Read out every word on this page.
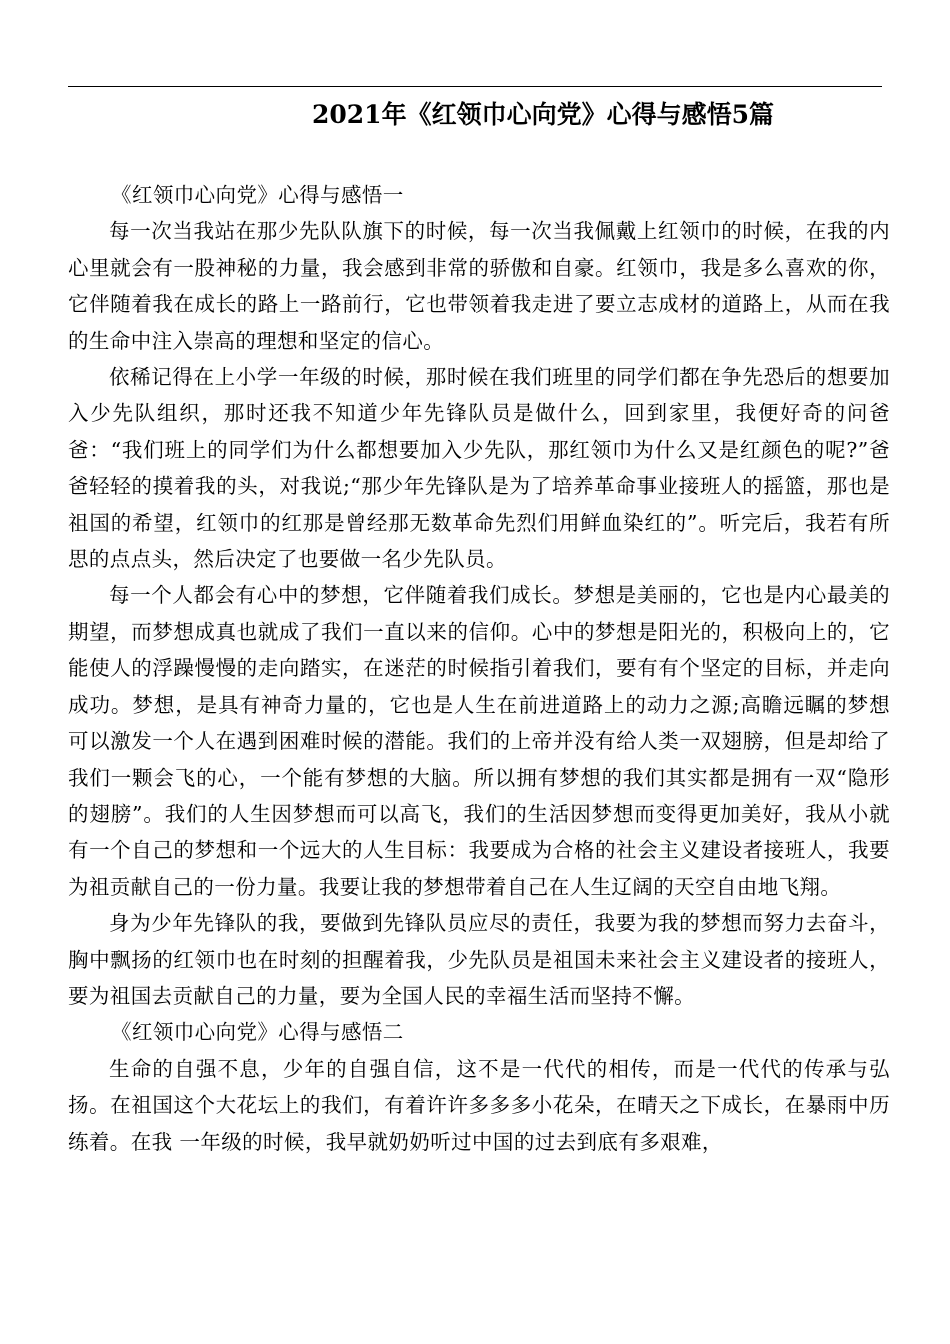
2021年《红领巾心向党》心得与感悟5篇

《红领巾心向党》心得与感悟一

每一次当我站在那少先队队旗下的时候，每一次当我佩戴上红领巾的时候，在我的内心里就会有一股神秘的力量，我会感到非常的骄傲和自豪。红领巾，我是多么喜欢的你，它伴随着我在成长的路上一路前行，它也带领着我走进了要立志成材的道路上，从而在我的生命中注入崇高的理想和坚定的信心。

依稀记得在上小学一年级的时候，那时候在我们班里的同学们都在争先恐后的想要加入少先队组织，那时还我不知道少年先锋队员是做什么，回到家里，我便好奇的问爸爸：“我们班上的同学们为什么都想要加入少先队，那红领巾为什么又是红颜色的呢?”爸爸轻轻的摸着我的头，对我说;“那少年先锋队是为了培养革命事业接班人的摇篮，那也是祖国的希望，红领巾的红那是曾经那无数革命先烈们用鲜血染红的”。听完后，我若有所思的点点头，然后决定了也要做一名少先队员。

每一个人都会有心中的梦想，它伴随着我们成长。梦想是美丽的，它也是内心最美的期望，而梦想成真也就成了我们一直以来的信仰。心中的梦想是阳光的，积极向上的，它能使人的浮躁慢慢的走向踏实，在迷茫的时候指引着我们，要有有个坚定的目标，并走向成功。梦想，是具有神奇力量的，它也是人生在前进道路上的动力之源;高瞻远瞩的梦想可以激发一个人在遇到困难时候的潜能。我们的上帝并没有给人类一双翅膀，但是却给了我们一颗会飞的心，一个能有梦想的大脑。所以拥有梦想的我们其实都是拥有一双“隐形的翅膀”。我们的人生因梦想而可以高飞，我们的生活因梦想而变得更加美好，我从小就有一个自己的梦想和一个远大的人生目标：我要成为合格的社会主义建设者接班人，我要为祖贡献自己的一份力量。我要让我的梦想带着自己在人生辽阔的天空自由地飞翔。

身为少年先锋队的我，要做到先锋队员应尽的责任，我要为我的梦想而努力去奋斗，胸中飘扬的红领巾也在时刻的担醒着我，少先队员是祖国未来社会主义建设者的接班人，要为祖国去贡献自己的力量，要为全国人民的幸福生活而坚持不懈。

《红领巾心向党》心得与感悟二

生命的自强不息，少年的自强自信，这不是一代代的相传，而是一代代的传承与弘扬。在祖国这个大花坛上的我们，有着许许多多多小花朵，在晴天之下成长，在暴雨中历练着。在我 一年级的时候，我早就奶奶听过中国的过去到底有多艰难，
